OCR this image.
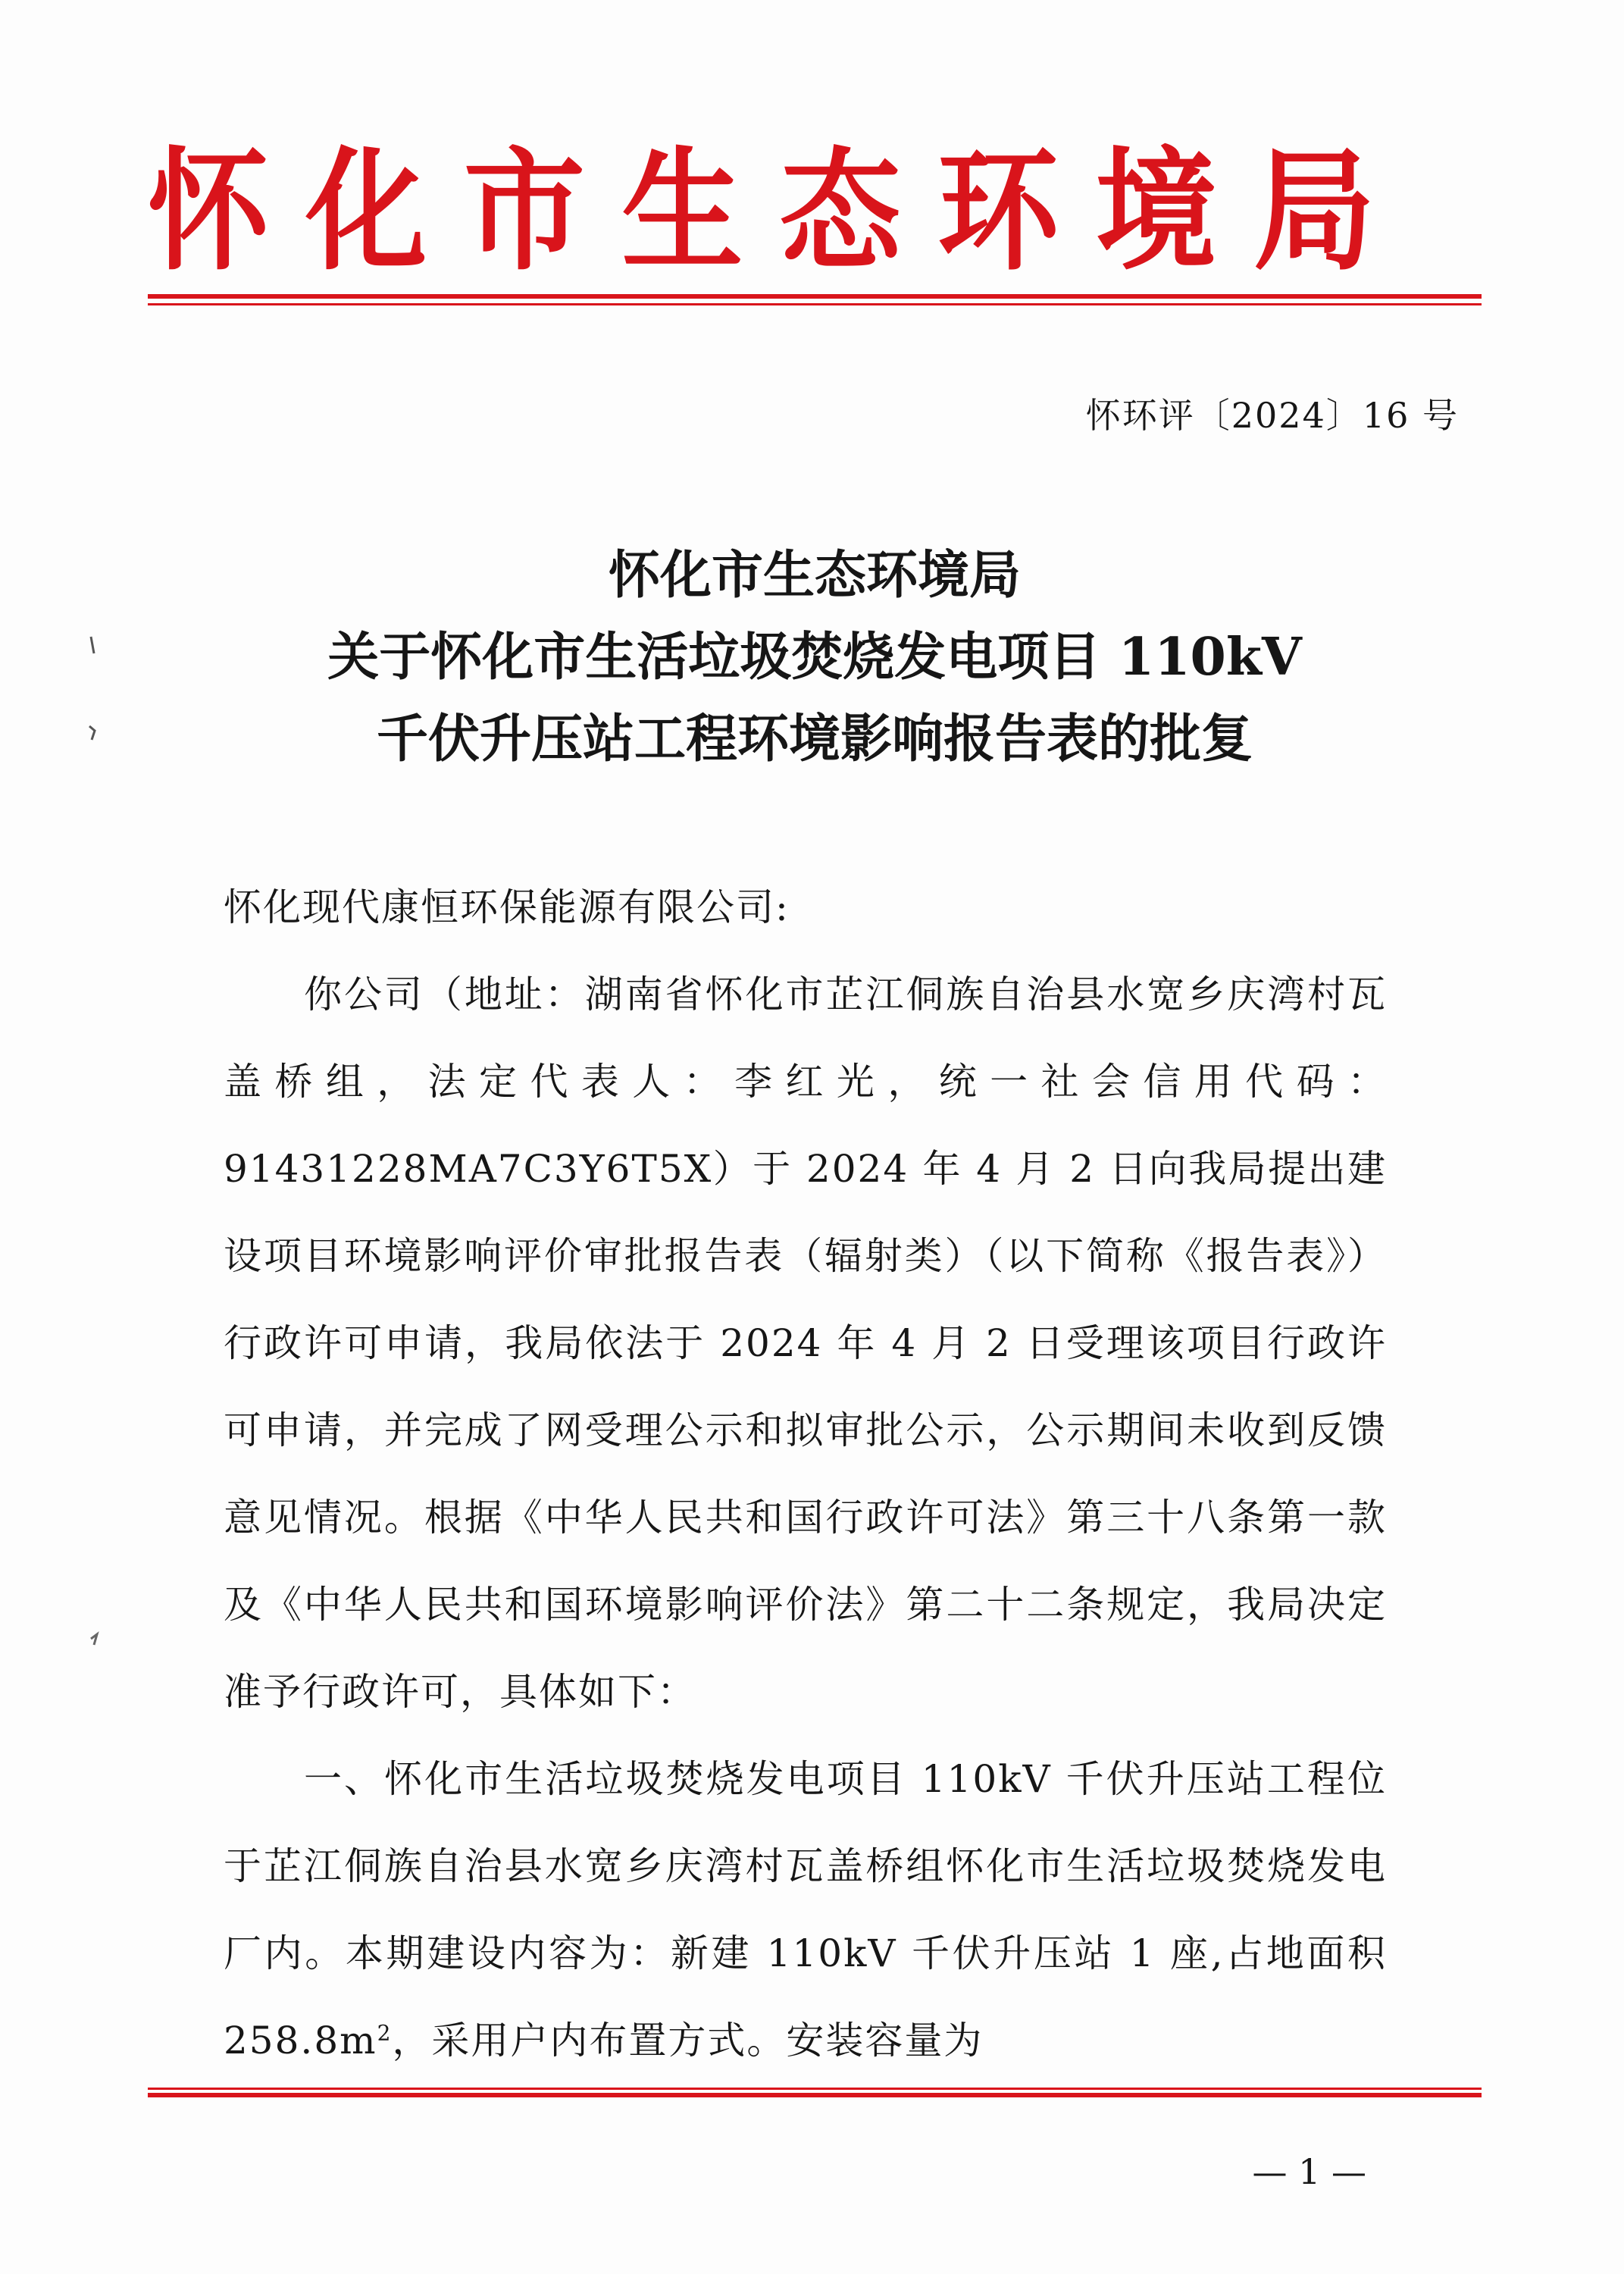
怀 化 市 生 态 环 境 局
怀环评〔2024〕16 号
怀化市生态环境局
关于怀化市生活垃圾焚烧发电项目 110kV
千伏升压站工程环境影响报告表的批复

怀化现代康恒环保能源有限公司:

你公司（地址：湖南省怀化市芷江侗族自治县水宽乡庆湾村瓦盖桥组，法定代表人：李红光，统一社会信用代码：91431228MA7C3Y6T5X）于 2024 年 4 月 2 日向我局提出建设项目环境影响评价审批报告表（辐射类）（以下简称《报告表》）行政许可申请，我局依法于 2024 年 4 月 2 日受理该项目行政许可申请，并完成了网受理公示和拟审批公示，公示期间未收到反馈意见情况。根据《中华人民共和国行政许可法》第三十八条第一款及《中华人民共和国环境影响评价法》第二十二条规定，我局决定准予行政许可，具体如下：

一、怀化市生活垃圾焚烧发电项目 110kV 千伏升压站工程位于芷江侗族自治县水宽乡庆湾村瓦盖桥组怀化市生活垃圾焚烧发电厂内。本期建设内容为：新建 110kV 千伏升压站 1 座,占地面积 $258.8m^2$，采用户内布置方式。安装容量为

— 1 —
